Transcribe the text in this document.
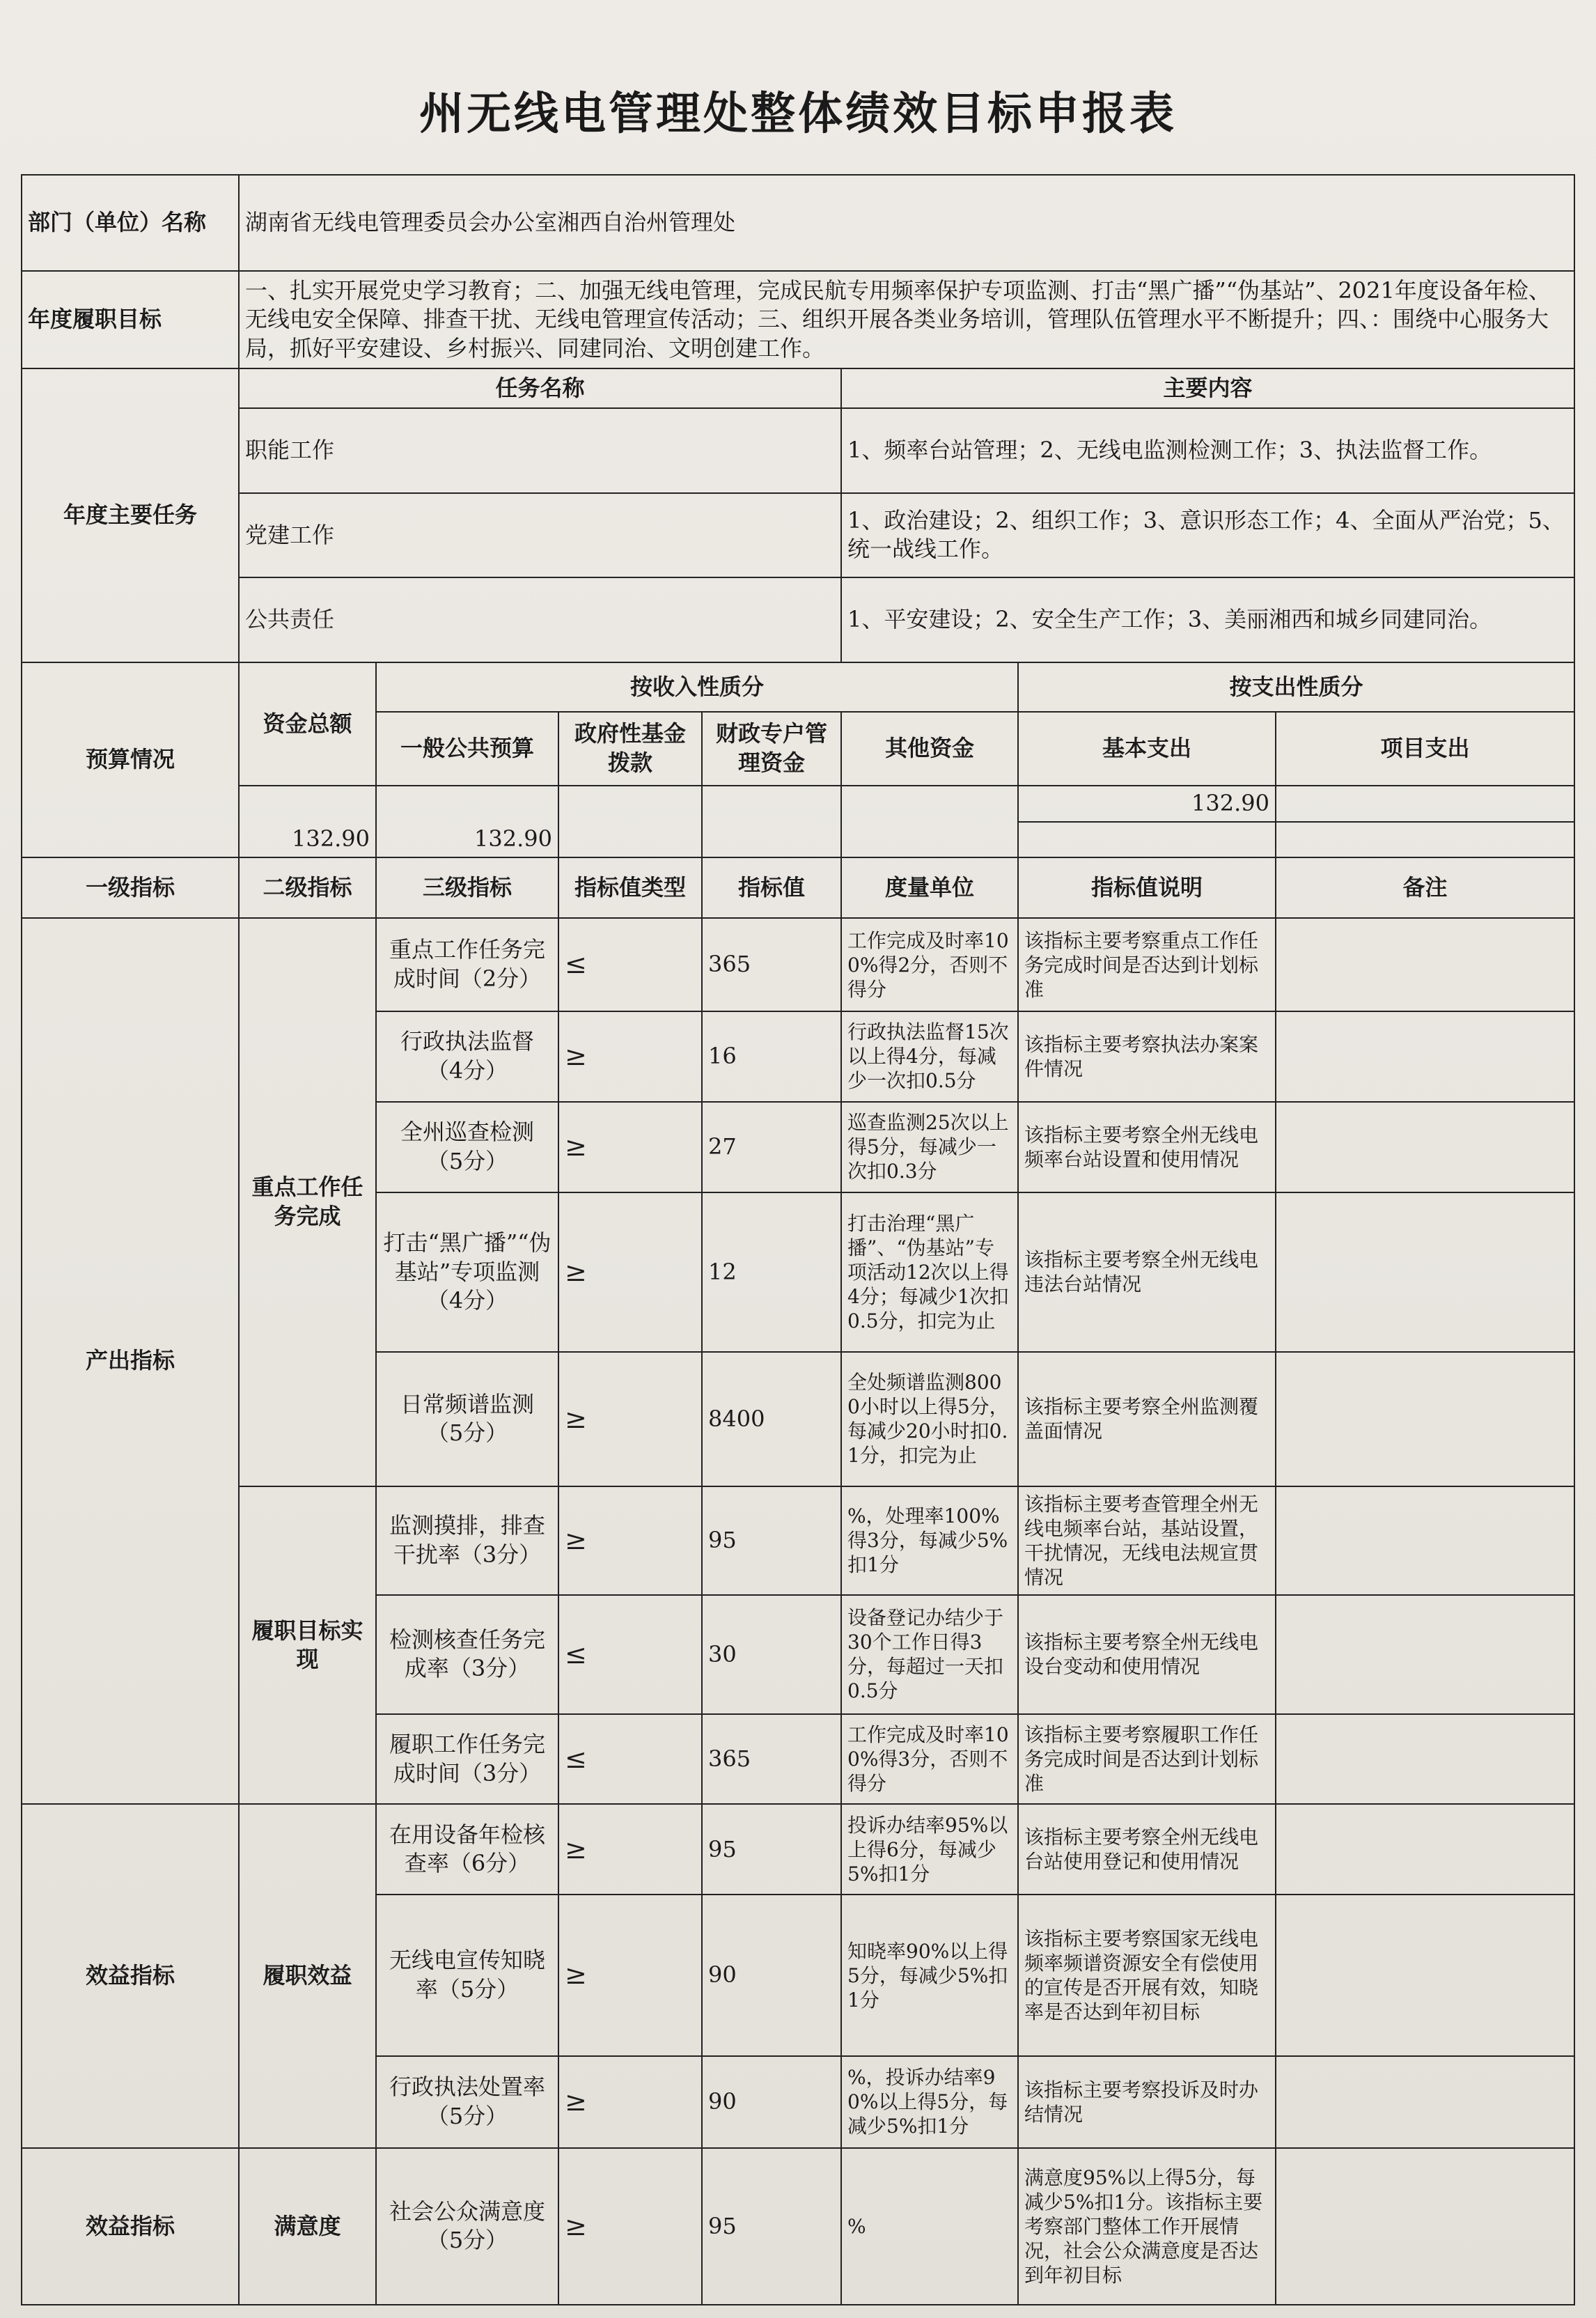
州无线电管理处整体绩效目标申报表
部门（单位）名称	湖南省无线电管理委员会办公室湘西自治州管理处						
年度履职目标	一、扎实开展党史学习教育；二、加强无线电管理，完成民航专用频率保护专项监测、打击“黑广播”“伪基站”、2021年度设备年检、无线电安全保障、排查干扰、无线电管理宣传活动；三、组织开展各类业务培训，管理队伍管理水平不断提升；四、：围绕中心服务大局，抓好平安建设、乡村振兴、同建同治、文明创建工作。						
年度主要任务	任务名称				主要内容		
	职能工作				1、频率台站管理；2、无线电监测检测工作；3、执法监督工作。		
	党建工作				1、政治建设；2、组织工作；3、意识形态工作；4、全面从严治党；5、统一战线工作。		
	公共责任				1、平安建设；2、安全生产工作；3、美丽湘西和城乡同建同治。		
预算情况	资金总额	按收入性质分				按支出性质分	
		一般公共预算	政府性基金拨款	财政专户管理资金	其他资金	基本支出	项目支出
	132.90	132.90				132.90	

一级指标	二级指标	三级指标	指标值类型	指标值	度量单位	指标值说明	备注
产出指标	重点工作任务完成	重点工作任务完成时间（2分）	≤	365	工作完成及时率100%得2分，否则不得分	该指标主要考察重点工作任务完成时间是否达到计划标准	
		行政执法监督（4分）	≥	16	行政执法监督15次以上得4分，每减少一次扣0.5分	该指标主要考察执法办案案件情况	
		全州巡查检测（5分）	≥	27	巡查监测25次以上得5分，每减少一次扣0.3分	该指标主要考察全州无线电频率台站设置和使用情况	
		打击“黑广播”“伪基站”专项监测（4分）	≥	12	打击治理“黑广播”、“伪基站”专项活动12次以上得4分；每减少1次扣0.5分，扣完为止	该指标主要考察全州无线电违法台站情况	
		日常频谱监测（5分）	≥	8400	全处频谱监测8000小时以上得5分，每减少20小时扣0.1分，扣完为止	该指标主要考察全州监测覆盖面情况	
	履职目标实现	监测摸排，排查干扰率（3分）	≥	95	%，处理率100%得3分，每减少5%扣1分	该指标主要考查管理全州无线电频率台站，基站设置，干扰情况，无线电法规宣贯情况	
		检测核查任务完成率（3分）	≤	30	设备登记办结少于30个工作日得3分，每超过一天扣0.5分	该指标主要考察全州无线电设台变动和使用情况	
		履职工作任务完成时间（3分）	≤	365	工作完成及时率100%得3分，否则不得分	该指标主要考察履职工作任务完成时间是否达到计划标准	
效益指标	履职效益	在用设备年检核查率（6分）	≥	95	投诉办结率95%以上得6分，每减少5%扣1分	该指标主要考察全州无线电台站使用登记和使用情况	
		无线电宣传知晓率（5分）	≥	90	知晓率90%以上得5分，每减少5%扣1分	该指标主要考察国家无线电频率频谱资源安全有偿使用的宣传是否开展有效，知晓率是否达到年初目标	
		行政执法处置率（5分）	≥	90	%，投诉办结率90%以上得5分，每减少5%扣1分	该指标主要考察投诉及时办结情况	
效益指标	满意度	社会公众满意度（5分）	≥	95	%	满意度95%以上得5分，每减少5%扣1分。该指标主要考察部门整体工作开展情况，社会公众满意度是否达到年初目标	
